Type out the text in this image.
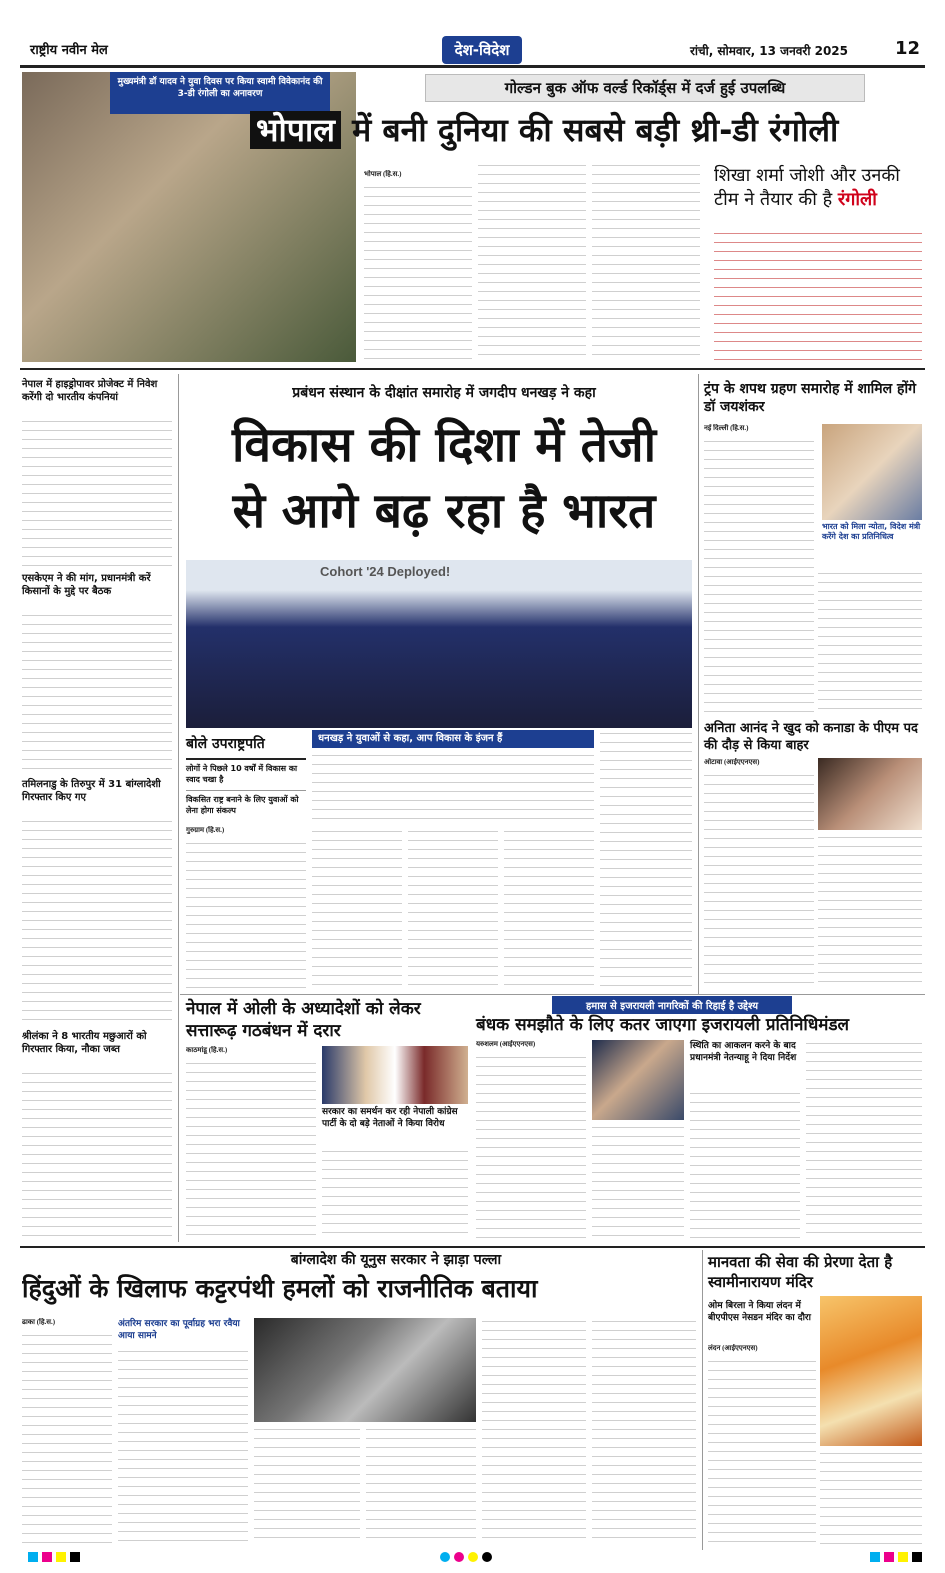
राष्ट्रीय नवीन मेल	देश-विदेश	रांची, सोमवार, 13 जनवरी 2025	12
मुख्यमंत्री डॉ यादव ने युवा दिवस पर किया स्वामी विवेकानंद की 3-डी रंगोली का अनावरण	गोल्डन बुक ऑफ वर्ल्ड रिकॉर्ड्स में दर्ज हुई उपलब्धि
भोपाल में बनी दुनिया की सबसे बड़ी थ्री-डी रंगोली
भोपाल (हि.स.)	शिखा शर्मा जोशी और उनकी
टीम ने तैयार की है रंगोली
नेपाल में हाइड्रोपावर प्रोजेक्ट में निवेश करेंगी दो भारतीय कंपनियां
एसकेएम ने की मांग, प्रधानमंत्री करें किसानों के मुद्दे पर बैठक
तमिलनाडु के तिरुपुर में 31 बांग्लादेशी गिरफ्तार किए गए
श्रीलंका ने 8 भारतीय मछुआरों को गिरफ्तार किया, नौका जब्त
प्रबंधन संस्थान के दीक्षांत समारोह में जगदीप धनखड़ ने कहा
विकास की दिशा में तेजी
से आगे बढ़ रहा है भारत
Cohort '24 Deployed!
बोले उपराष्ट्रपति
लोगों ने पिछले 10 वर्षों में विकास का स्वाद चखा है
विकसित राष्ट्र बनाने के लिए युवाओं को लेना होगा संकल्प
गुरुग्राम (हि.स.)
धनखड़ ने युवाओं से कहा, आप विकास के इंजन हैं
ट्रंप के शपथ ग्रहण समारोह में शामिल होंगे डॉ जयशंकर
नई दिल्ली (हि.स.)
भारत को मिला न्योता, विदेश मंत्री करेंगे देश का प्रतिनिधित्व
अनिता आनंद ने खुद को कनाडा के पीएम पद की दौड़ से किया बाहर
ओटावा (आईएएनएस)
नेपाल में ओली के अध्यादेशों को लेकर सत्तारूढ़ गठबंधन में दरार
काठमांडू (हि.स.)
सरकार का समर्थन कर रही नेपाली कांग्रेस पार्टी के दो बड़े नेताओं ने किया विरोध
हमास से इजरायली नागरिकों की रिहाई है उद्देश्य
बंधक समझौते के लिए कतर जाएगा इजरायली प्रतिनिधिमंडल
यरुशलम (आईएएनएस)	स्थिति का आकलन करने के बाद प्रधानमंत्री नेतन्याहू ने दिया निर्देश
बांग्लादेश की यूनुस सरकार ने झाड़ा पल्ला
हिंदुओं के खिलाफ कट्टरपंथी हमलों को राजनीतिक बताया
ढाका (हि.स.)	अंतरिम सरकार का पूर्वाग्रह भरा रवैया आया सामने
मानवता की सेवा की प्रेरणा देता है स्वामीनारायण मंदिर
ओम बिरला ने किया लंदन में बीएपीएस नेसडन मंदिर का दौरा
लंदन (आईएएनएस)
